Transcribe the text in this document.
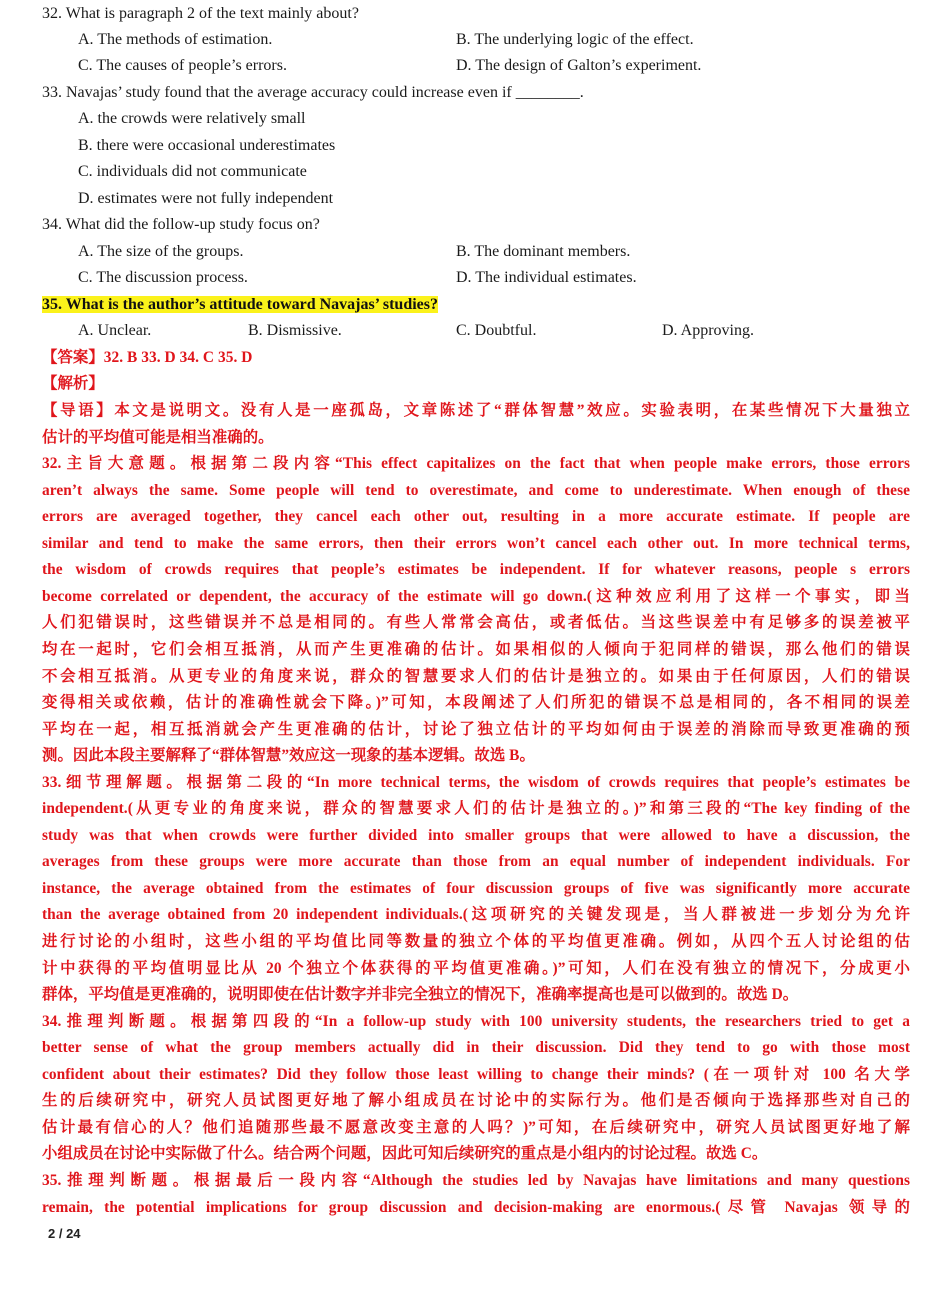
32. What is paragraph 2 of the text mainly about?
A. The methods of estimation.	B. The underlying logic of the effect.
C. The causes of people’s errors.	D. The design of Galton’s experiment.
33. Navajas’ study found that the average accuracy could increase even if ________.
A. the crowds were relatively small
B. there were occasional underestimates
C. individuals did not communicate
D. estimates were not fully independent
34. What did the follow-up study focus on?
A. The size of the groups.	B. The dominant members.
C. The discussion process.	D. The individual estimates.
35. What is the author’s attitude toward Navajas’ studies?
A. Unclear.	B. Dismissive.	C. Doubtful.	D. Approving.
【答案】32. B 33. D 34. C 35. D
【解析】
【导语】本文是说明文。没有人是一座孤岛，文章陈述了“群体智慧”效应。实验表明，在某些情况下大量独立
估计的平均值可能是相当准确的。
32.主旨大意题。根据第二段内容“This effect capitalizes on the fact that when people make errors, those errors
aren’t always the same. Some people will tend to overestimate, and come to underestimate. When enough of these
errors are averaged together, they cancel each other out, resulting in a more accurate estimate. If people are
similar and tend to make the same errors, then their errors won’t cancel each other out. In more technical terms,
the wisdom of crowds requires that people’s estimates be independent. If for whatever reasons, people s errors
become correlated or dependent, the accuracy of the estimate will go down.(这种效应利用了这样一个事实，即当
人们犯错误时，这些错误并不总是相同的。有些人常常会高估，或者低估。当这些误差中有足够多的误差被平
均在一起时，它们会相互抵消，从而产生更准确的估计。如果相似的人倾向于犯同样的错误，那么他们的错误
不会相互抵消。从更专业的角度来说，群众的智慧要求人们的估计是独立的。如果由于任何原因，人们的错误
变得相关或依赖，估计的准确性就会下降。)”可知，本段阐述了人们所犯的错误不总是相同的，各不相同的误差
平均在一起，相互抵消就会产生更准确的估计，讨论了独立估计的平均如何由于误差的消除而导致更准确的预
测。因此本段主要解释了“群体智慧”效应这一现象的基本逻辑。故选 B。
33.细节理解题。根据第二段的“In more technical terms, the wisdom of crowds requires that people’s estimates be
independent.(从更专业的角度来说，群众的智慧要求人们的估计是独立的。)”和第三段的“The key finding of the
study was that when crowds were further divided into smaller groups that were allowed to have a discussion, the
averages from these groups were more accurate than those from an equal number of independent individuals. For
instance, the average obtained from the estimates of four discussion groups of five was significantly more accurate
than the average obtained from 20 independent individuals.(这项研究的关键发现是，当人群被进一步划分为允许
进行讨论的小组时，这些小组的平均值比同等数量的独立个体的平均值更准确。例如，从四个五人讨论组的估
计中获得的平均值明显比从 20 个独立个体获得的平均值更准确。)”可知，人们在没有独立的情况下，分成更小
群体，平均值是更准确的，说明即使在估计数字并非完全独立的情况下，准确率提高也是可以做到的。故选 D。
34.推理判断题。根据第四段的“In a follow-up study with 100 university students, the researchers tried to get a
better sense of what the group members actually did in their discussion. Did they tend to go with those most
confident about their estimates? Did they follow those least willing to change their minds? (在一项针对 100 名大学
生的后续研究中，研究人员试图更好地了解小组成员在讨论中的实际行为。他们是否倾向于选择那些对自己的
估计最有信心的人？他们追随那些最不愿意改变主意的人吗？)”可知，在后续研究中，研究人员试图更好地了解
小组成员在讨论中实际做了什么。结合两个问题，因此可知后续研究的重点是小组内的讨论过程。故选 C。
35.推理判断题。根据最后一段内容“Although the studies led by Navajas have limitations and many questions
remain, the potential implications for group discussion and decision-making are enormous.(尽管 Navajas 领导的
2 / 24
